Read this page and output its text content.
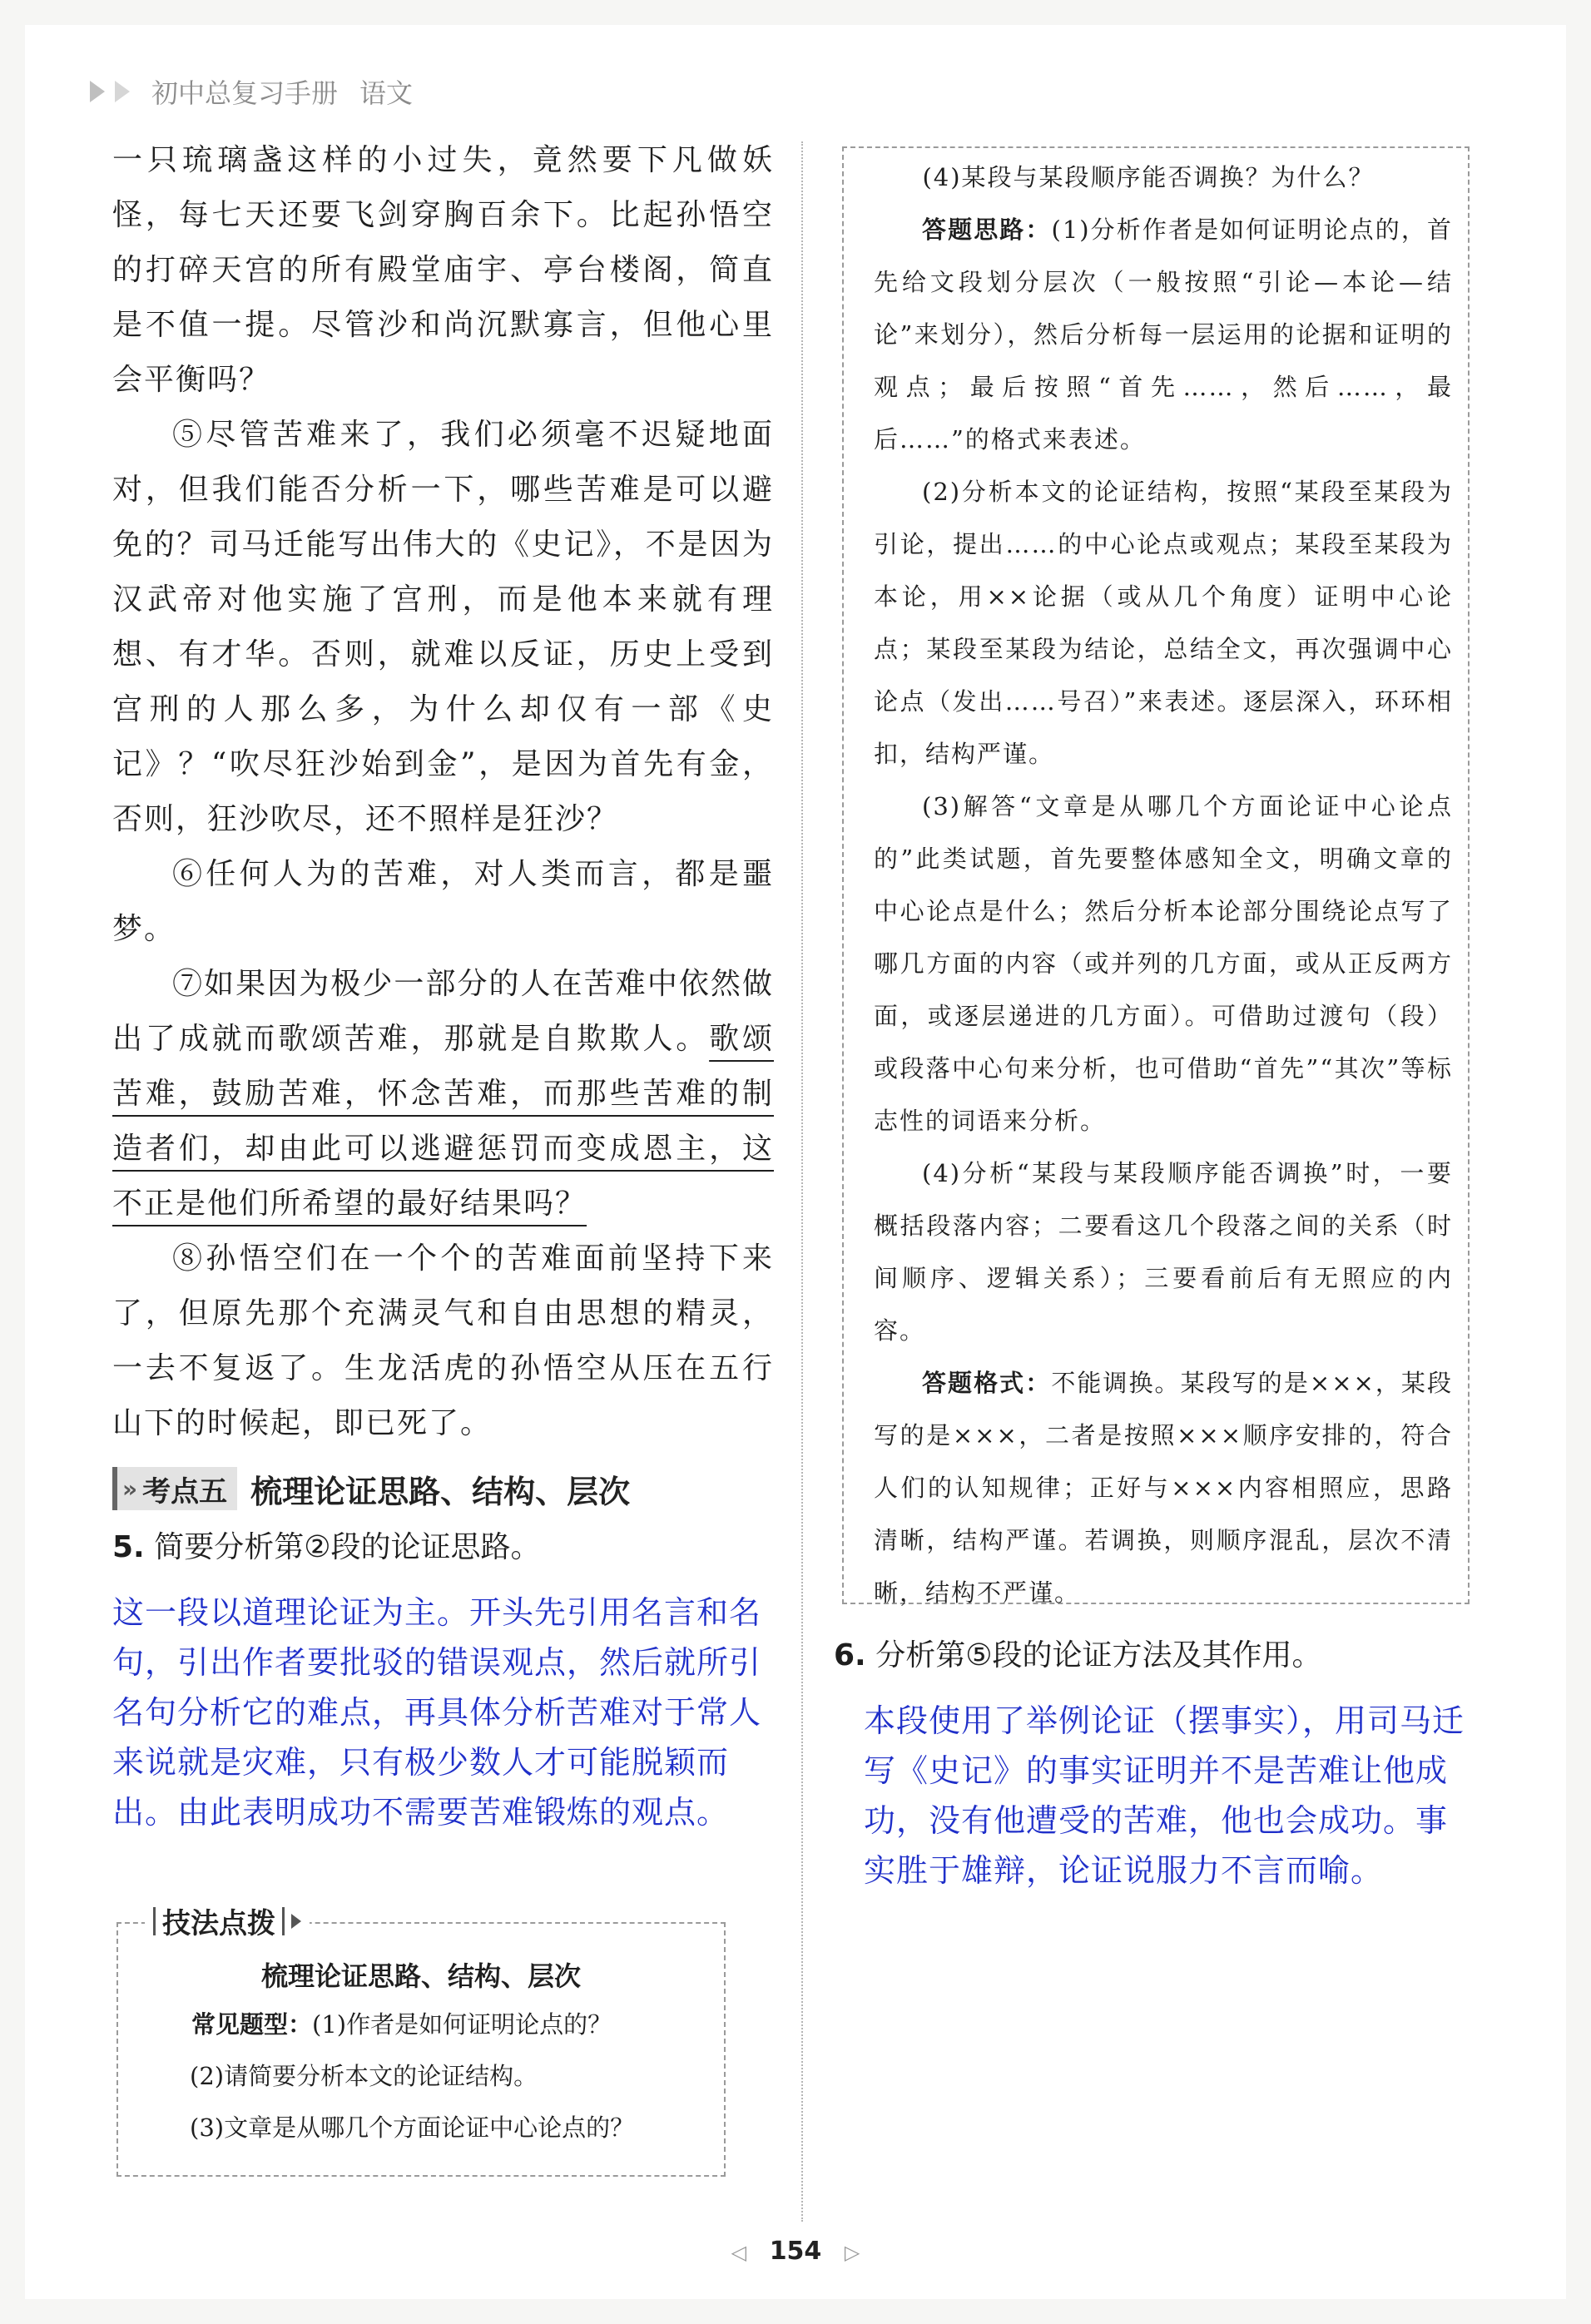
初中总复习手册 语文

一只琉璃盏这样的小过失，竟然要下凡做妖怪，每七天还要飞剑穿胸百余下。比起孙悟空的打碎天宫的所有殿堂庙宇、亭台楼阁，简直是不值一提。尽管沙和尚沉默寡言，但他心里会平衡吗？

⑤尽管苦难来了，我们必须毫不迟疑地面对，但我们能否分析一下，哪些苦难是可以避免的？司马迁能写出伟大的《史记》，不是因为汉武帝对他实施了宫刑，而是他本来就有理想、有才华。否则，就难以反证，历史上受到宫刑的人那么多，为什么却仅有一部《史记》？“吹尽狂沙始到金”，是因为首先有金，否则，狂沙吹尽，还不照样是狂沙？

⑥任何人为的苦难，对人类而言，都是噩梦。

⑦如果因为极少一部分的人在苦难中依然做出了成就而歌颂苦难，那就是自欺欺人。歌颂苦难，鼓励苦难，怀念苦难，而那些苦难的制造者们，却由此可以逃避惩罚而变成恩主，这不正是他们所希望的最好结果吗？

⑧孙悟空们在一个个的苦难面前坚持下来了，但原先那个充满灵气和自由思想的精灵，一去不复返了。生龙活虎的孙悟空从压在五行山下的时候起，即已死了。

» 考点五 梳理论证思路、结构、层次
5. 简要分析第②段的论证思路。
这一段以道理论证为主。开头先引用名言和名句，引出作者要批驳的错误观点，然后就所引名句分析它的难点，再具体分析苦难对于常人来说就是灾难，只有极少数人才可能脱颖而出。由此表明成功不需要苦难锻炼的观点。
技法点拨
梳理论证思路、结构、层次
常见题型：(1)作者是如何证明论点的？
(2)请简要分析本文的论证结构。
(3)文章是从哪几个方面论证中心论点的？
(4)某段与某段顺序能否调换？为什么？
答题思路：(1)分析作者是如何证明论点的，首先给文段划分层次（一般按照“引论—本论—结论”来划分），然后分析每一层运用的论据和证明的观点；最后按照“首先……，然后……，最后……”的格式来表述。
(2)分析本文的论证结构，按照“某段至某段为引论，提出……的中心论点或观点；某段至某段为本论，用××论据（或从几个角度）证明中心论点；某段至某段为结论，总结全文，再次强调中心论点（发出……号召）”来表述。逐层深入，环环相扣，结构严谨。
(3)解答“文章是从哪几个方面论证中心论点的”此类试题，首先要整体感知全文，明确文章的中心论点是什么；然后分析本论部分围绕论点写了哪几方面的内容（或并列的几方面，或从正反两方面，或逐层递进的几方面）。可借助过渡句（段）或段落中心句来分析，也可借助“首先”“其次”等标志性的词语来分析。
(4)分析“某段与某段顺序能否调换”时，一要概括段落内容；二要看这几个段落之间的关系（时间顺序、逻辑关系）；三要看前后有无照应的内容。
答题格式：不能调换。某段写的是×××，某段写的是×××，二者是按照×××顺序安排的，符合人们的认知规律；正好与×××内容相照应，思路清晰，结构严谨。若调换，则顺序混乱，层次不清晰，结构不严谨。
6. 分析第⑤段的论证方法及其作用。
本段使用了举例论证（摆事实），用司马迁写《史记》的事实证明并不是苦难让他成功，没有他遭受的苦难，他也会成功。事实胜于雄辩，论证说服力不言而喻。
◁ 154 ▷
